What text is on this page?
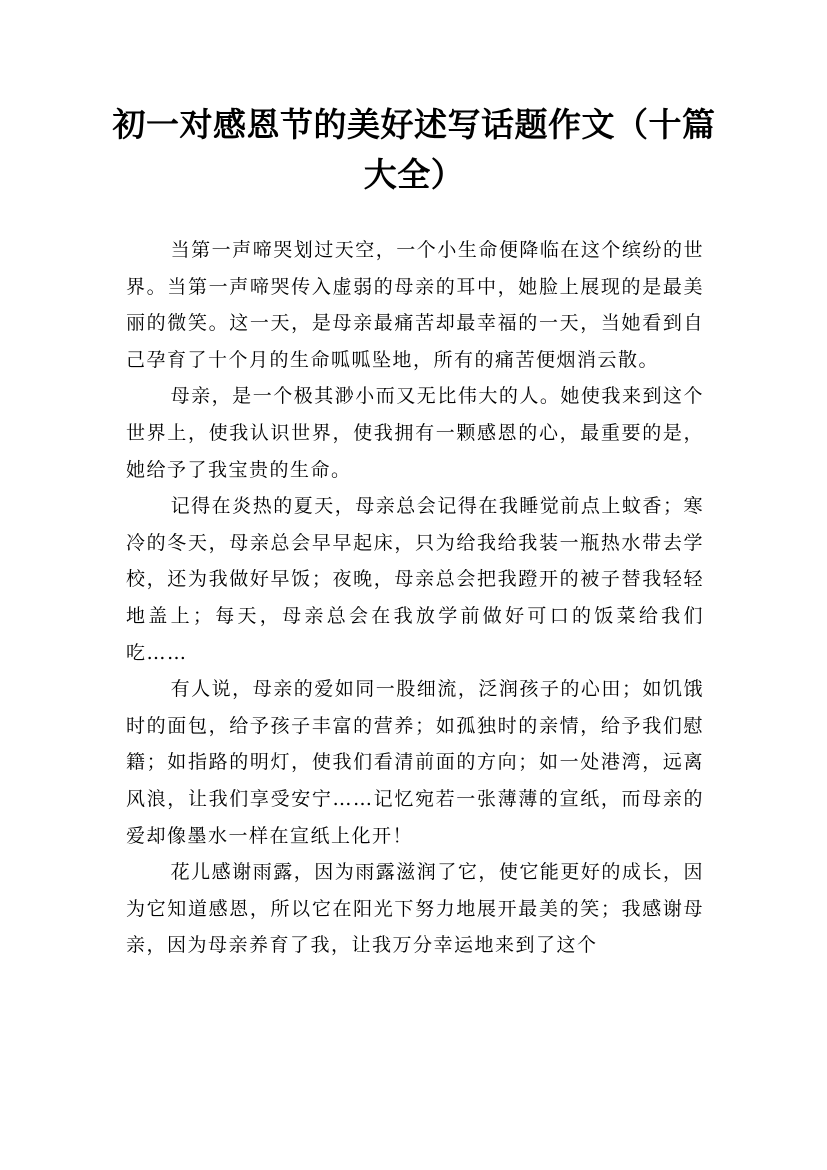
初一对感恩节的美好述写话题作文（十篇大全）

当第一声啼哭划过天空，一个小生命便降临在这个缤纷的世界。当第一声啼哭传入虚弱的母亲的耳中，她脸上展现的是最美丽的微笑。这一天，是母亲最痛苦却最幸福的一天，当她看到自己孕育了十个月的生命呱呱坠地，所有的痛苦便烟消云散。

母亲，是一个极其渺小而又无比伟大的人。她使我来到这个世界上，使我认识世界，使我拥有一颗感恩的心，最重要的是，她给予了我宝贵的生命。

记得在炎热的夏天，母亲总会记得在我睡觉前点上蚊香；寒冷的冬天，母亲总会早早起床，只为给我给我装一瓶热水带去学校，还为我做好早饭；夜晚，母亲总会把我蹬开的被子替我轻轻地盖上；每天，母亲总会在我放学前做好可口的饭菜给我们吃……

有人说，母亲的爱如同一股细流，泛润孩子的心田；如饥饿时的面包，给予孩子丰富的营养；如孤独时的亲情，给予我们慰籍；如指路的明灯，使我们看清前面的方向；如一处港湾，远离风浪，让我们享受安宁……记忆宛若一张薄薄的宣纸，而母亲的爱却像墨水一样在宣纸上化开！

花儿感谢雨露，因为雨露滋润了它，使它能更好的成长，因为它知道感恩，所以它在阳光下努力地展开最美的笑；我感谢母亲，因为母亲养育了我，让我万分幸运地来到了这个
